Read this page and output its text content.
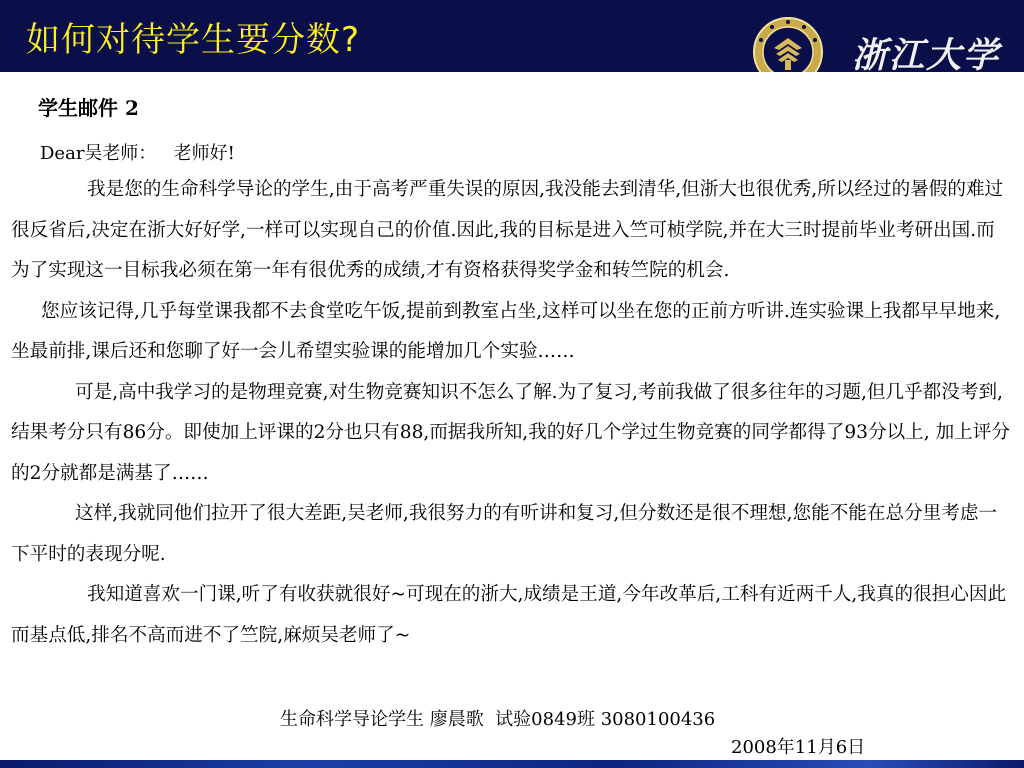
如何对待学生要分数?	浙江大学
学生邮件 2
Dear吴老师：   老师好!

我是您的生命科学导论的学生,由于高考严重失误的原因,我没能去到清华,但浙大也很优秀,所以经过的暑假的难过很反省后,决定在浙大好好学,一样可以实现自己的价值.因此,我的目标是进入竺可桢学院,并在大三时提前毕业考研出国.而为了实现这一目标我必须在第一年有很优秀的成绩,才有资格获得奖学金和转竺院的机会.

您应该记得,几乎每堂课我都不去食堂吃午饭,提前到教室占坐,这样可以坐在您的正前方听讲.连实验课上我都早早地来,坐最前排,课后还和您聊了好一会儿希望实验课的能增加几个实验……

可是,高中我学习的是物理竞赛,对生物竞赛知识不怎么了解.为了复习,考前我做了很多往年的习题,但几乎都没考到,结果考分只有86分。即使加上评课的2分也只有88,而据我所知,我的好几个学过生物竞赛的同学都得了93分以上, 加上评分的2分就都是满基了……

这样,我就同他们拉开了很大差距,吴老师,我很努力的有听讲和复习,但分数还是很不理想,您能不能在总分里考虑一下平时的表现分呢.

我知道喜欢一门课,听了有收获就很好~可现在的浙大,成绩是王道,今年改革后,工科有近两千人,我真的很担心因此而基点低,排名不高而进不了竺院,麻烦吴老师了~

生命科学导论学生 廖晨歌  试验0849班 3080100436
2008年11月6日
